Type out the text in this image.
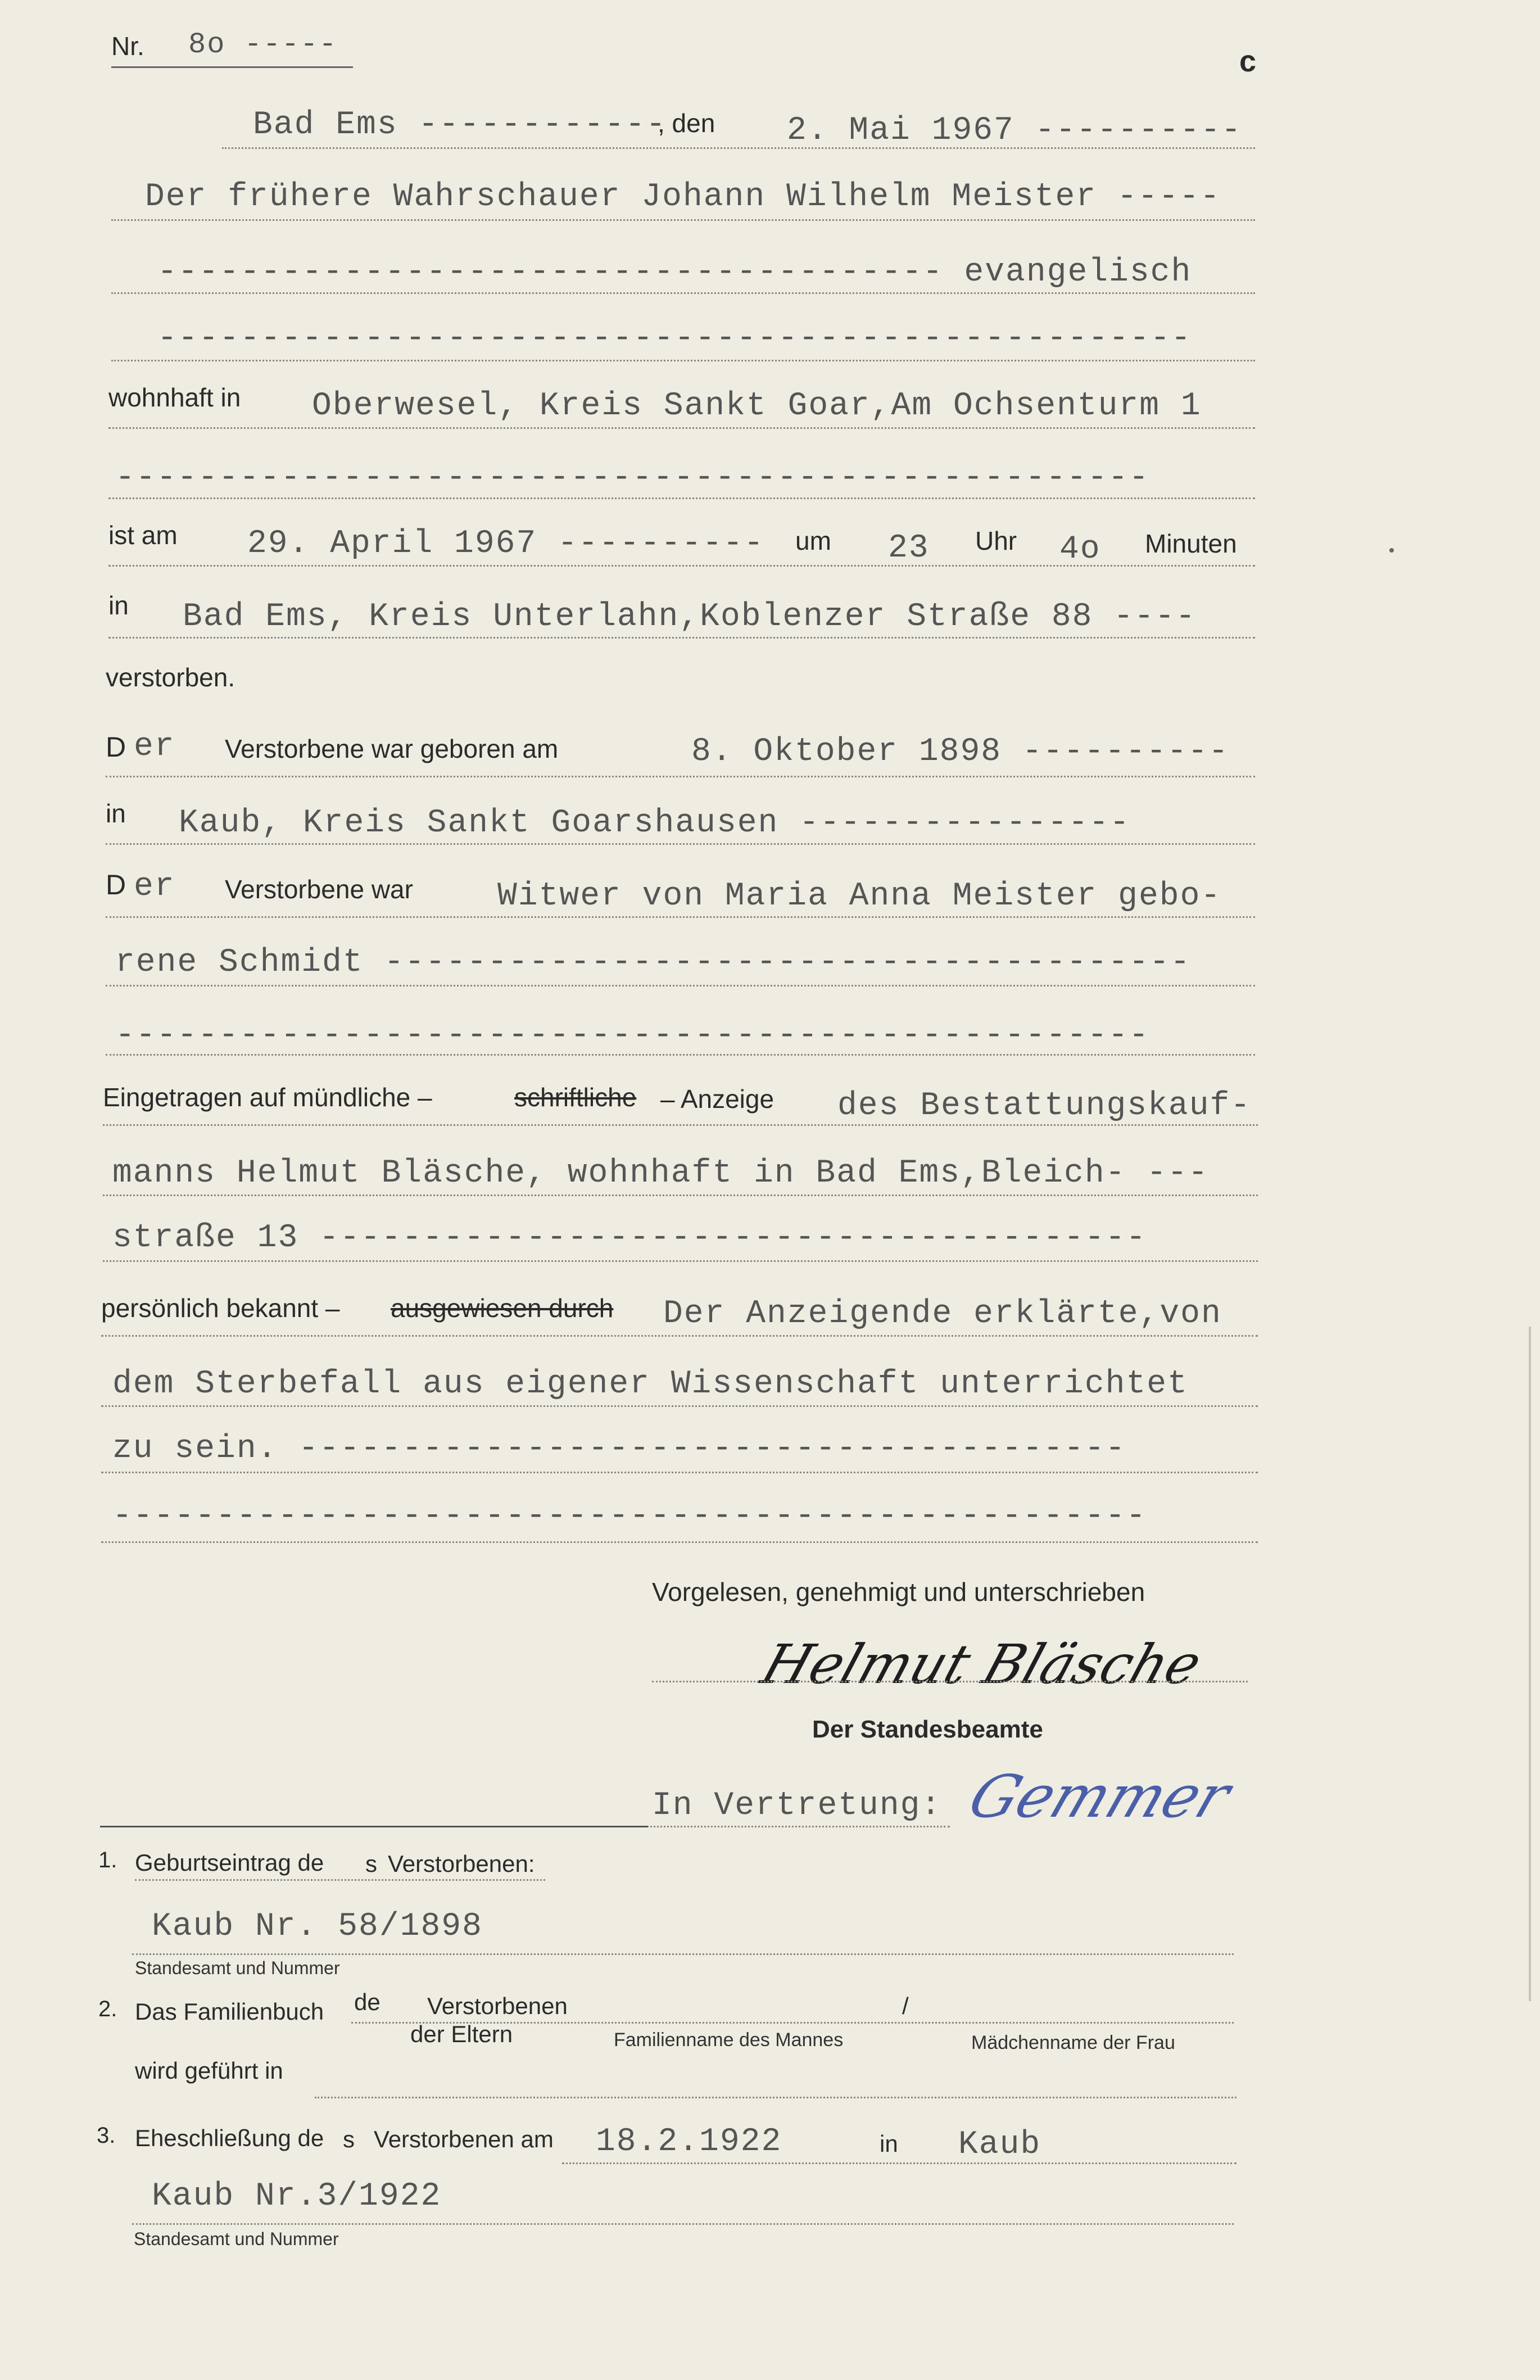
Nr. 8o -----	c
Bad Ems ------------
, den 2. Mai 1967 ----------
Der frühere Wahrschauer Johann Wilhelm Meister -----
-------------------------------------- evangelisch
--------------------------------------------------
wohnhaft in Oberwesel, Kreis Sankt Goar,Am Ochsenturm 1
--------------------------------------------------
ist am 29. April 1967 ---------- um 23 Uhr 4o Minuten
in Bad Ems, Kreis Unterlahn,Koblenzer Straße 88 ----
verstorben.
D er Verstorbene war geboren am	8. Oktober 1898 ----------
in Kaub, Kreis Sankt Goarshausen ----------------
D er Verstorbene war	Witwer von Maria Anna Meister gebo-
rene Schmidt ---------------------------------------
--------------------------------------------------
Eingetragen auf mündliche –	schriftliche – Anzeige des Bestattungskauf-
manns Helmut Bläsche, wohnhaft in Bad Ems,Bleich- ---
straße 13 ----------------------------------------
persönlich bekannt – ausgewiesen durch Der Anzeigende erklärte,von
dem Sterbefall aus eigener Wissenschaft unterrichtet
zu sein. ----------------------------------------
--------------------------------------------------
Vorgelesen, genehmigt und unterschrieben
Helmut Bläsche
Der Standesbeamte
In Vertretung: Gemmer
1. Geburtseintrag de s Verstorbenen:
Kaub Nr. 58/1898
Standesamt und Nummer
2. Das Familienbuch de Verstorbenen
der Eltern
/
Familienname des Mannes	Mädchenname der Frau
wird geführt in
3. Eheschließung de s Verstorbenen am 18.2.1922	in Kaub
Kaub Nr.3/1922
Standesamt und Nummer
